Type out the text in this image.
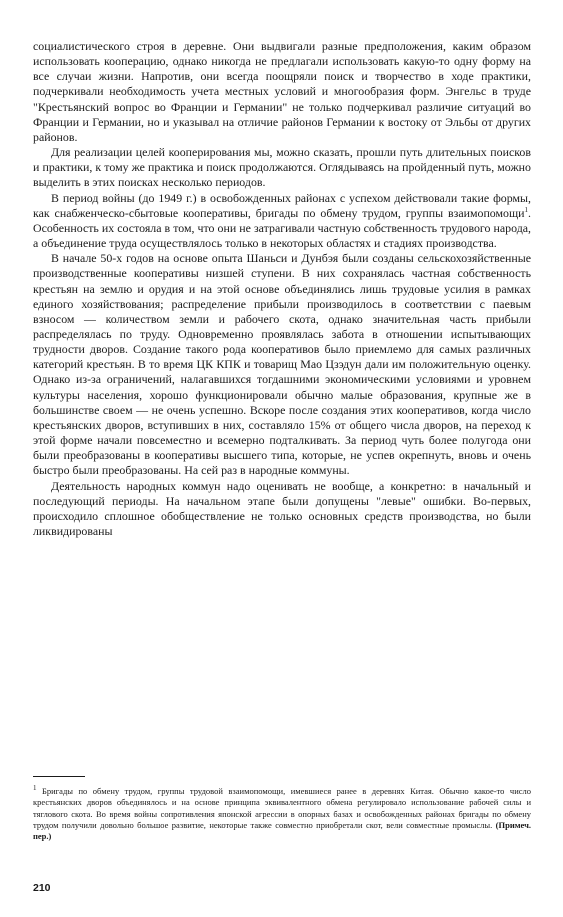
социалистического строя в деревне. Они выдвигали разные предположения, каким образом использовать кооперацию, однако никогда не предлагали использовать какую-то одну форму на все случаи жизни. Напротив, они всегда поощряли поиск и творчество в ходе практики, подчеркивали необходимость учета местных условий и многообразия форм. Энгельс в труде "Крестьянский вопрос во Франции и Германии" не только подчеркивал различие ситуаций во Франции и Германии, но и указывал на отличие районов Германии к востоку от Эльбы от других районов.

Для реализации целей кооперирования мы, можно сказать, прошли путь длительных поисков и практики, к тому же практика и поиск продолжаются. Оглядываясь на пройденный путь, можно выделить в этих поисках несколько периодов.

В период войны (до 1949 г.) в освобожденных районах с успехом действовали такие формы, как снабженческо-сбытовые кооперативы, бригады по обмену трудом, группы взаимопомощи$^1$. Особенность их состояла в том, что они не затрагивали частную собственность трудового народа, а объединение труда осуществлялось только в некоторых областях и стадиях производства.

В начале 50-х годов на основе опыта Шаньси и Дунбэя были созданы сельскохозяйственные производственные кооперативы низшей ступени. В них сохранялась частная собственность крестьян на землю и орудия и на этой основе объединялись лишь трудовые усилия в рамках единого хозяйствования; распределение прибыли производилось в соответствии с паевым взносом — количеством земли и рабочего скота, однако значительная часть прибыли распределялась по труду. Одновременно проявлялась забота в отношении испытывающих трудности дворов. Создание такого рода кооперативов было приемлемо для самых различных категорий крестьян. В то время ЦК КПК и товарищ Мао Цзэдун дали им положительную оценку. Однако из-за ограничений, налагавшихся тогдашними экономическими условиями и уровнем культуры населения, хорошо функционировали обычно малые образования, крупные же в большинстве своем — не очень успешно. Вскоре после создания этих кооперативов, когда число крестьянских дворов, вступивших в них, составляло 15% от общего числа дворов, на переход к этой форме начали повсеместно и всемерно подталкивать. За период чуть более полугода они были преобразованы в кооперативы высшего типа, которые, не успев окрепнуть, вновь и очень быстро были преобразованы. На сей раз в народные коммуны.

Деятельность народных коммун надо оценивать не вообще, а конкретно: в начальный и последующий периоды. На начальном этапе были допущены "левые" ошибки. Во-первых, происходило сплошное обобществление не только основных средств производства, но были ликвидированы

$^1$ Бригады по обмену трудом, группы трудовой взаимопомощи, имевшиеся ранее в деревнях Китая. Обычно какое-то число крестьянских дворов объединялось и на основе принципа эквивалентного обмена регулировало использование рабочей силы и тяглового скота. Во время войны сопротивления японской агрессии в опорных базах и освобожденных районах бригады по обмену трудом получили довольно большое развитие, некоторые также совместно приобретали скот, вели совместные промыслы. (Примеч. пер.)
210
